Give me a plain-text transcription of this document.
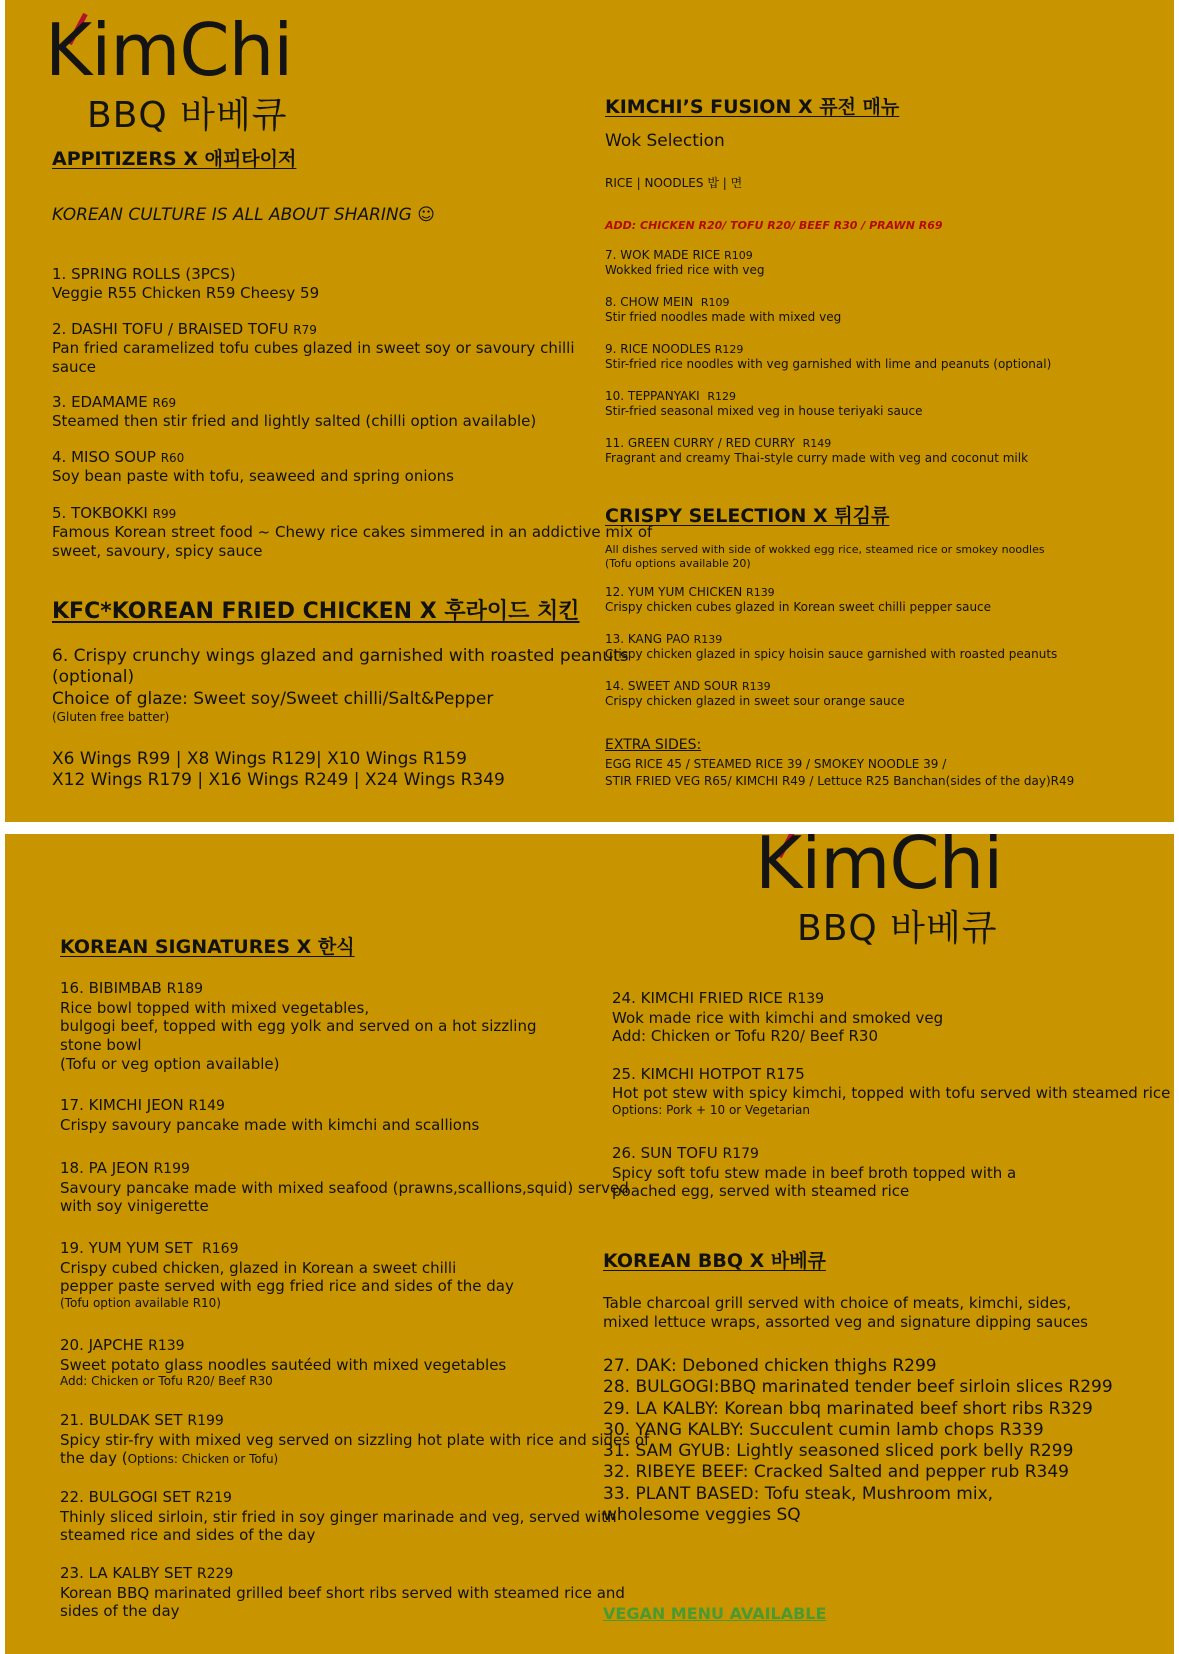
KimChi
BBQ 바베큐
APPITIZERS X 애피타이저
KOREAN CULTURE IS ALL ABOUT SHARING ☺
1. SPRING ROLLS (3PCS)
Veggie R55 Chicken R59 Cheesy 59
2. DASHI TOFU / BRAISED TOFU R79
Pan fried caramelized tofu cubes glazed in sweet soy or savoury chilli
sauce
3. EDAMAME R69
Steamed then stir fried and lightly salted (chilli option available)
4. MISO SOUP R60
Soy bean paste with tofu, seaweed and spring onions
5. TOKBOKKI R99
Famous Korean street food ~ Chewy rice cakes simmered in an addictive mix of
sweet, savoury, spicy sauce
KFC*KOREAN FRIED CHICKEN X 후라이드 치킨
6. Crispy crunchy wings glazed and garnished with roasted peanuts
(optional)
Choice of glaze: Sweet soy/Sweet chilli/Salt&Pepper
(Gluten free batter)
X6 Wings R99 | X8 Wings R129| X10 Wings R159
X12 Wings R179 | X16 Wings R249 | X24 Wings R349
KIMCHI’S FUSION X 퓨전 매뉴
Wok Selection
RICE | NOODLES 밥 | 면
ADD: CHICKEN R20/ TOFU R20/ BEEF R30 / PRAWN R69
7. WOK MADE RICE R109
Wokked fried rice with veg
8. CHOW MEIN R109
Stir fried noodles made with mixed veg
9. RICE NOODLES R129
Stir-fried rice noodles with veg garnished with lime and peanuts (optional)
10. TEPPANYAKI R129
Stir-fried seasonal mixed veg in house teriyaki sauce
11. GREEN CURRY / RED CURRY R149
Fragrant and creamy Thai-style curry made with veg and coconut milk
CRISPY SELECTION X 튀김류
All dishes served with side of wokked egg rice, steamed rice or smokey noodles
(Tofu options available 20)
12. YUM YUM CHICKEN R139
Crispy chicken cubes glazed in Korean sweet chilli pepper sauce
13. KANG PAO R139
Crispy chicken glazed in spicy hoisin sauce garnished with roasted peanuts
14. SWEET AND SOUR R139
Crispy chicken glazed in sweet sour orange sauce
EXTRA SIDES:
EGG RICE 45 / STEAMED RICE 39 / SMOKEY NOODLE 39 /
STIR FRIED VEG R65/ KIMCHI R49 / Lettuce R25 Banchan(sides of the day)R49
KimChi
BBQ 바베큐
KOREAN SIGNATURES X 한식
16. BIBIMBAB R189
Rice bowl topped with mixed vegetables,
bulgogi beef, topped with egg yolk and served on a hot sizzling
stone bowl
(Tofu or veg option available)
17. KIMCHI JEON R149
Crispy savoury pancake made with kimchi and scallions
18. PA JEON R199
Savoury pancake made with mixed seafood (prawns,scallions,squid) served
with soy vinigerette
19. YUM YUM SET R169
Crispy cubed chicken, glazed in Korean a sweet chilli
pepper paste served with egg fried rice and sides of the day
(Tofu option available R10)
20. JAPCHE R139
Sweet potato glass noodles sautéed with mixed vegetables
Add: Chicken or Tofu R20/ Beef R30
21. BULDAK SET R199
Spicy stir-fry with mixed veg served on sizzling hot plate with rice and sides of
the day (Options: Chicken or Tofu)
22. BULGOGI SET R219
Thinly sliced sirloin, stir fried in soy ginger marinade and veg, served with
steamed rice and sides of the day
23. LA KALBY SET R229
Korean BBQ marinated grilled beef short ribs served with steamed rice and
sides of the day
24. KIMCHI FRIED RICE R139
Wok made rice with kimchi and smoked veg
Add: Chicken or Tofu R20/ Beef R30
25. KIMCHI HOTPOT R175
Hot pot stew with spicy kimchi, topped with tofu served with steamed rice
Options: Pork + 10 or Vegetarian
26. SUN TOFU R179
Spicy soft tofu stew made in beef broth topped with a
poached egg, served with steamed rice
KOREAN BBQ X 바베큐
Table charcoal grill served with choice of meats, kimchi, sides,
mixed lettuce wraps, assorted veg and signature dipping sauces
27. DAK: Deboned chicken thighs R299
28. BULGOGI:BBQ marinated tender beef sirloin slices R299
29. LA KALBY: Korean bbq marinated beef short ribs R329
30. YANG KALBY: Succulent cumin lamb chops R339
31. SAM GYUB: Lightly seasoned sliced pork belly R299
32. RIBEYE BEEF: Cracked Salted and pepper rub R349
33. PLANT BASED: Tofu steak, Mushroom mix,
wholesome veggies SQ
VEGAN MENU AVAILABLE
